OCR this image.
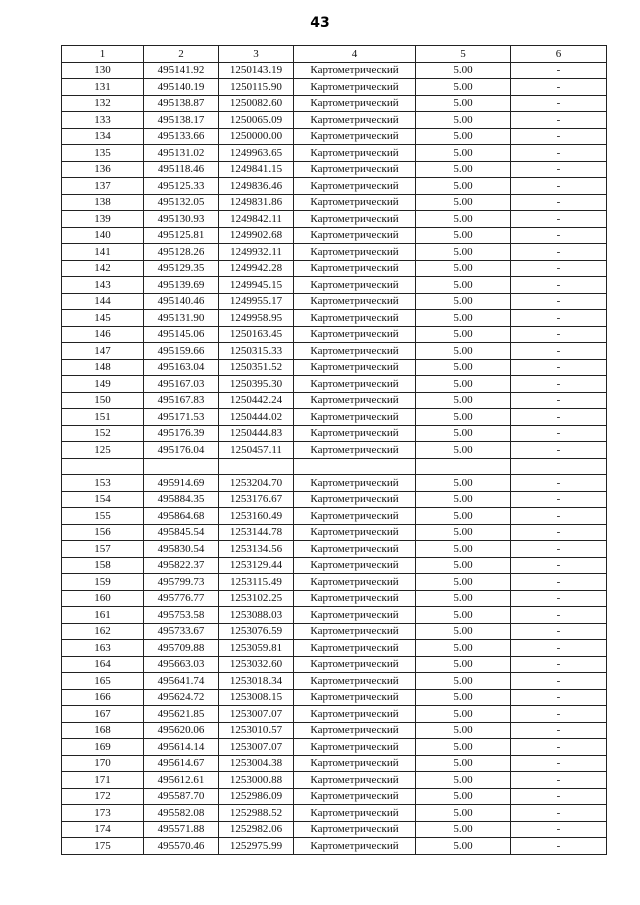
43
1	2	3	4	5	6
130	495141.92	1250143.19	Картометрический	5.00	-
131	495140.19	1250115.90	Картометрический	5.00	-
132	495138.87	1250082.60	Картометрический	5.00	-
133	495138.17	1250065.09	Картометрический	5.00	-
134	495133.66	1250000.00	Картометрический	5.00	-
135	495131.02	1249963.65	Картометрический	5.00	-
136	495118.46	1249841.15	Картометрический	5.00	-
137	495125.33	1249836.46	Картометрический	5.00	-
138	495132.05	1249831.86	Картометрический	5.00	-
139	495130.93	1249842.11	Картометрический	5.00	-
140	495125.81	1249902.68	Картометрический	5.00	-
141	495128.26	1249932.11	Картометрический	5.00	-
142	495129.35	1249942.28	Картометрический	5.00	-
143	495139.69	1249945.15	Картометрический	5.00	-
144	495140.46	1249955.17	Картометрический	5.00	-
145	495131.90	1249958.95	Картометрический	5.00	-
146	495145.06	1250163.45	Картометрический	5.00	-
147	495159.66	1250315.33	Картометрический	5.00	-
148	495163.04	1250351.52	Картометрический	5.00	-
149	495167.03	1250395.30	Картометрический	5.00	-
150	495167.83	1250442.24	Картометрический	5.00	-
151	495171.53	1250444.02	Картометрический	5.00	-
152	495176.39	1250444.83	Картометрический	5.00	-
125	495176.04	1250457.11	Картометрический	5.00	-

153	495914.69	1253204.70	Картометрический	5.00	-
154	495884.35	1253176.67	Картометрический	5.00	-
155	495864.68	1253160.49	Картометрический	5.00	-
156	495845.54	1253144.78	Картометрический	5.00	-
157	495830.54	1253134.56	Картометрический	5.00	-
158	495822.37	1253129.44	Картометрический	5.00	-
159	495799.73	1253115.49	Картометрический	5.00	-
160	495776.77	1253102.25	Картометрический	5.00	-
161	495753.58	1253088.03	Картометрический	5.00	-
162	495733.67	1253076.59	Картометрический	5.00	-
163	495709.88	1253059.81	Картометрический	5.00	-
164	495663.03	1253032.60	Картометрический	5.00	-
165	495641.74	1253018.34	Картометрический	5.00	-
166	495624.72	1253008.15	Картометрический	5.00	-
167	495621.85	1253007.07	Картометрический	5.00	-
168	495620.06	1253010.57	Картометрический	5.00	-
169	495614.14	1253007.07	Картометрический	5.00	-
170	495614.67	1253004.38	Картометрический	5.00	-
171	495612.61	1253000.88	Картометрический	5.00	-
172	495587.70	1252986.09	Картометрический	5.00	-
173	495582.08	1252988.52	Картометрический	5.00	-
174	495571.88	1252982.06	Картометрический	5.00	-
175	495570.46	1252975.99	Картометрический	5.00	-
